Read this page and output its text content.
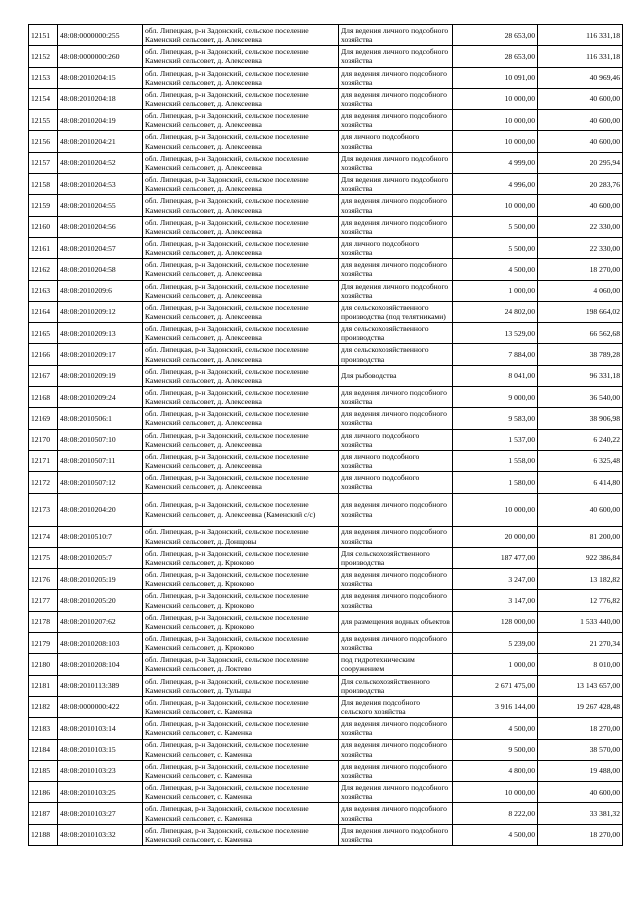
12151	48:08:0000000:255	обл. Липецкая, р-н Задонский, сельское поселение
Каменский сельсовет, д. Алексеевка	Для ведения личного подсобного
хозяйства	28 653,00	116 331,18
12152	48:08:0000000:260	обл. Липецкая, р-н Задонский, сельское поселение
Каменский сельсовет, д. Алексеевка	Для ведения личного подсобного
хозяйства	28 653,00	116 331,18
12153	48:08:2010204:15	обл. Липецкая, р-н Задонский, сельское поселение
Каменский сельсовет, д. Алексеевка	для ведения личного подсобного
хозяйства	10 091,00	40 969,46
12154	48:08:2010204:18	обл. Липецкая, р-н Задонский, сельское поселение
Каменский сельсовет, д. Алексеевка	для ведения личного подсобного
хозяйства	10 000,00	40 600,00
12155	48:08:2010204:19	обл. Липецкая, р-н Задонский, сельское поселение
Каменский сельсовет, д. Алексеевка	для ведения личного подсобного
хозяйства	10 000,00	40 600,00
12156	48:08:2010204:21	обл. Липецкая, р-н Задонский, сельское поселение
Каменский сельсовет, д. Алексеевка	для личного подсобного
хозяйства	10 000,00	40 600,00
12157	48:08:2010204:52	обл. Липецкая, р-н Задонский, сельское поселение
Каменский сельсовет, д. Алексеевка	Для ведения личного подсобного
хозяйства	4 999,00	20 295,94
12158	48:08:2010204:53	обл. Липецкая, р-н Задонский, сельское поселение
Каменский сельсовет, д. Алексеевка	Для ведения личного подсобного
хозяйства	4 996,00	20 283,76
12159	48:08:2010204:55	обл. Липецкая, р-н Задонский, сельское поселение
Каменский сельсовет, д. Алексеевка	для ведения личного подсобного
хозяйства	10 000,00	40 600,00
12160	48:08:2010204:56	обл. Липецкая, р-н Задонский, сельское поселение
Каменский сельсовет, д. Алексеевка	для ведения личного подсобного
хозяйства	5 500,00	22 330,00
12161	48:08:2010204:57	обл. Липецкая, р-н Задонский, сельское поселение
Каменский сельсовет, д. Алексеевка	для личного подсобного
хозяйства	5 500,00	22 330,00
12162	48:08:2010204:58	обл. Липецкая, р-н Задонский, сельское поселение
Каменский сельсовет, д. Алексеевка	для ведения личного подсобного
хозяйства	4 500,00	18 270,00
12163	48:08:2010209:6	обл. Липецкая, р-н Задонский, сельское поселение
Каменский сельсовет, д. Алексеевка	Для ведения личного подсобного
хозяйства	1 000,00	4 060,00
12164	48:08:2010209:12	обл. Липецкая, р-н Задонский, сельское поселение
Каменский сельсовет, д. Алексеевка	для сельскохозяйственного
производства (под телятниками)	24 802,00	198 664,02
12165	48:08:2010209:13	обл. Липецкая, р-н Задонский, сельское поселение
Каменский сельсовет, д. Алексеевка	для сельскохозяйственного
производства	13 529,00	66 562,68
12166	48:08:2010209:17	обл. Липецкая, р-н Задонский, сельское поселение
Каменский сельсовет, д. Алексеевка	для сельскохозяйственного
производства	7 884,00	38 789,28
12167	48:08:2010209:19	обл. Липецкая, р-н Задонский, сельское поселение
Каменский сельсовет, д. Алексеевка	Для рыбоводства	8 041,00	96 331,18
12168	48:08:2010209:24	обл. Липецкая, р-н Задонский, сельское поселение
Каменский сельсовет, д. Алексеевка	для ведения личного подсобного
хозяйства	9 000,00	36 540,00
12169	48:08:2010506:1	обл. Липецкая, р-н Задонский, сельское поселение
Каменский сельсовет, д. Алексеевка	для ведения личного подсобного
хозяйства	9 583,00	38 906,98
12170	48:08:2010507:10	обл. Липецкая, р-н Задонский, сельское поселение
Каменский сельсовет, д. Алексеевка	для личного подсобного
хозяйства	1 537,00	6 240,22
12171	48:08:2010507:11	обл. Липецкая, р-н Задонский, сельское поселение
Каменский сельсовет, д. Алексеевка	для личного подсобного
хозяйства	1 558,00	6 325,48
12172	48:08:2010507:12	обл. Липецкая, р-н Задонский, сельское поселение
Каменский сельсовет, д. Алексеевка	для личного подсобного
хозяйства	1 580,00	6 414,80
12173	48:08:2010204:20	обл. Липецкая, р-н Задонский, сельское поселение
Каменский сельсовет, д. Алексеевка (Каменский с/с)	для ведения личного подсобного
хозяйства	10 000,00	40 600,00
12174	48:08:2010510:7	обл. Липецкая, р-н Задонский, сельское поселение
Каменский сельсовет, д. Донщовы	для ведения личного подсобного
хозяйства	20 000,00	81 200,00
12175	48:08:2010205:7	обл. Липецкая, р-н Задонский, сельское поселение
Каменский сельсовет, д. Крюково	Для сельскохозяйственного
производства	187 477,00	922 386,84
12176	48:08:2010205:19	обл. Липецкая, р-н Задонский, сельское поселение
Каменский сельсовет, д. Крюково	для ведения личного подсобного
хозяйства	3 247,00	13 182,82
12177	48:08:2010205:20	обл. Липецкая, р-н Задонский, сельское поселение
Каменский сельсовет, д. Крюково	для ведения личного подсобного
хозяйства	3 147,00	12 776,82
12178	48:08:2010207:62	обл. Липецкая, р-н Задонский, сельское поселение
Каменский сельсовет, д. Крюково	для размещения водных объектов	128 000,00	1 533 440,00
12179	48:08:2010208:103	обл. Липецкая, р-н Задонский, сельское поселение
Каменский сельсовет, д. Крюково	для ведения личного подсобного
хозяйства	5 239,00	21 270,34
12180	48:08:2010208:104	обл. Липецкая, р-н Задонский, сельское поселение
Каменский сельсовет, д. Локтево	под гидротехническим
сооружением	1 000,00	8 010,00
12181	48:08:2010113:389	обл. Липецкая, р-н Задонский, сельское поселение
Каменский сельсовет, д. Тульщы	Для сельскохозяйственного
производства	2 671 475,00	13 143 657,00
12182	48:08:0000000:422	обл. Липецкая, р-н Задонский, сельское поселение
Каменский сельсовет, с. Каменка	Для ведения подсобного
сельского хозяйства	3 916 144,00	19 267 428,48
12183	48:08:2010103:14	обл. Липецкая, р-н Задонский, сельское поселение
Каменский сельсовет, с. Каменка	для ведения личного подсобного
хозяйства	4 500,00	18 270,00
12184	48:08:2010103:15	обл. Липецкая, р-н Задонский, сельское поселение
Каменский сельсовет, с. Каменка	для ведения личного подсобного
хозяйства	9 500,00	38 570,00
12185	48:08:2010103:23	обл. Липецкая, р-н Задонский, сельское поселение
Каменский сельсовет, с. Каменка	для ведения личного подсобного
хозяйства	4 800,00	19 488,00
12186	48:08:2010103:25	обл. Липецкая, р-н Задонский, сельское поселение
Каменский сельсовет, с. Каменка	Для ведения личного подсобного
хозяйства	10 000,00	40 600,00
12187	48:08:2010103:27	обл. Липецкая, р-н Задонский, сельское поселение
Каменский сельсовет, с. Каменка	для ведения личного подсобного
хозяйства	8 222,00	33 381,32
12188	48:08:2010103:32	обл. Липецкая, р-н Задонский, сельское поселение
Каменский сельсовет, с. Каменка	Для ведения личного подсобного
хозяйства	4 500,00	18 270,00
